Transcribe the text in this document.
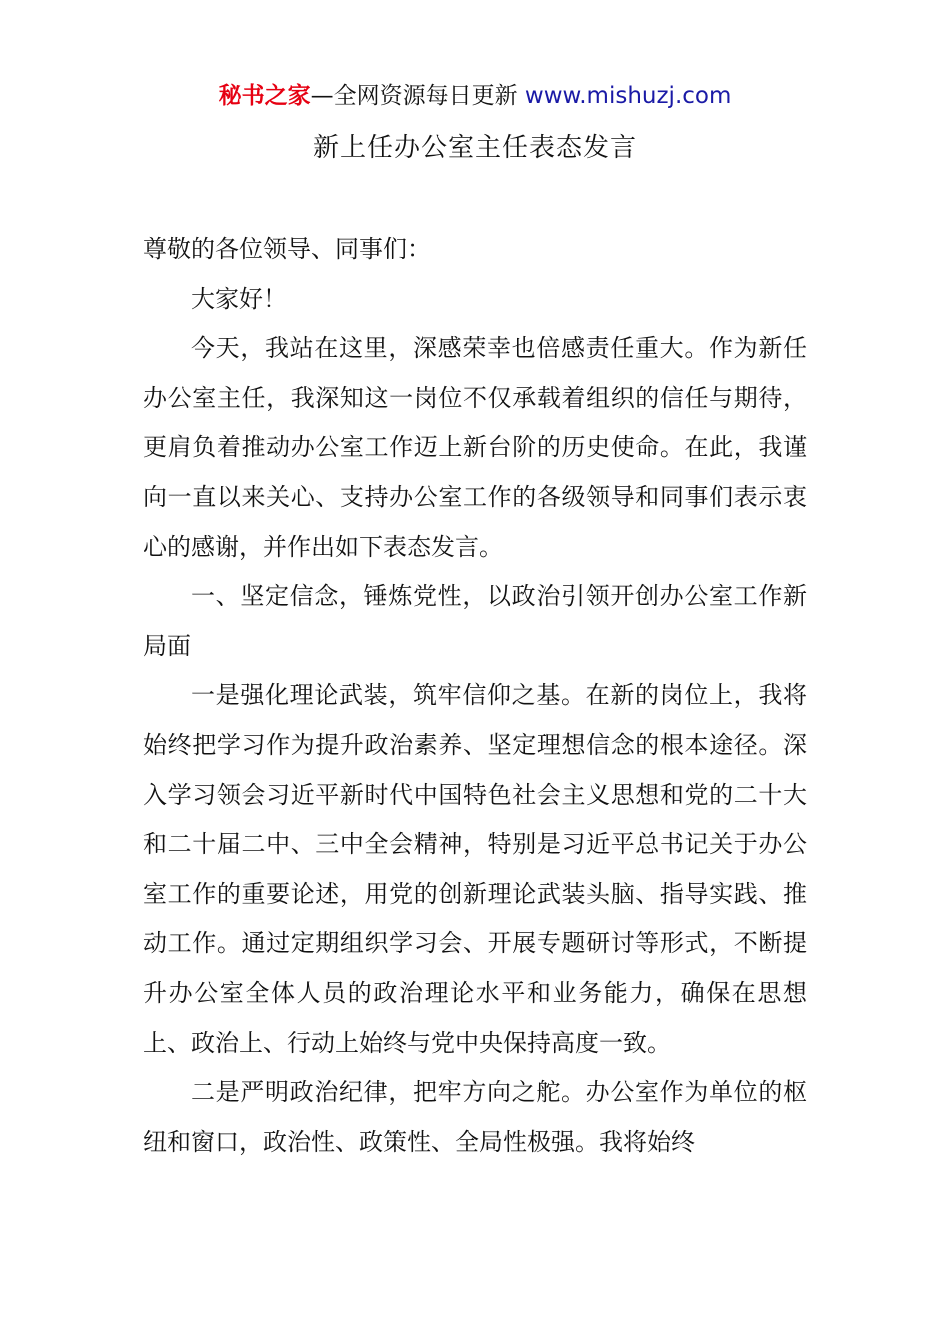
秘书之家—全网资源每日更新 www.mishuzj.com
新上任办公室主任表态发言

尊敬的各位领导、同事们：

大家好！

今天，我站在这里，深感荣幸也倍感责任重大。作为新任办公室主任，我深知这一岗位不仅承载着组织的信任与期待，更肩负着推动办公室工作迈上新台阶的历史使命。在此，我谨向一直以来关心、支持办公室工作的各级领导和同事们表示衷心的感谢，并作出如下表态发言。

一、坚定信念，锤炼党性，以政治引领开创办公室工作新局面

一是强化理论武装，筑牢信仰之基。在新的岗位上，我将始终把学习作为提升政治素养、坚定理想信念的根本途径。深入学习领会习近平新时代中国特色社会主义思想和党的二十大和二十届二中、三中全会精神，特别是习近平总书记关于办公室工作的重要论述，用党的创新理论武装头脑、指导实践、推动工作。通过定期组织学习会、开展专题研讨等形式，不断提升办公室全体人员的政治理论水平和业务能力，确保在思想上、政治上、行动上始终与党中央保持高度一致。

二是严明政治纪律，把牢方向之舵。办公室作为单位的枢纽和窗口，政治性、政策性、全局性极强。我将始终
